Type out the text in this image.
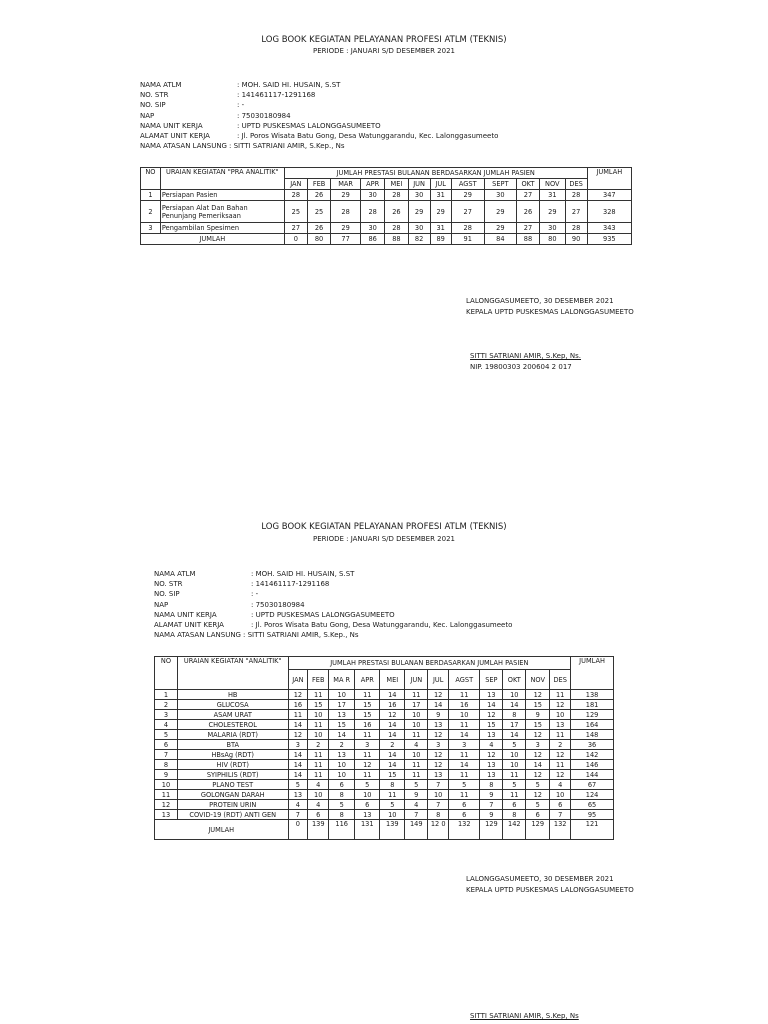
LOG BOOK KEGIATAN PELAYANAN PROFESI ATLM (TEKNIS)
PERIODE : JANUARI S/D DESEMBER 2021
NAMA ATLM	: MOH. SAID HI. HUSAIN, S.ST
NO. STR	: 141461117-1291168
NO. SIP	: -
NAP	: 75030180984
NAMA UNIT KERJA	: UPTD PUSKESMAS LALONGGASUMEETO
ALAMAT UNIT KERJA	: Jl. Poros Wisata Batu Gong, Desa Watunggarandu, Kec. Lalonggasumeeto
NAMA ATASAN LANSUNG : SITTI SATRIANI AMIR, S.Kep., Ns
NO	URAIAN KEGIATAN "PRA ANALITIK"	JUMLAH PRESTASI BULANAN BERDASARKAN JUMLAH PASIEN												JUMLAH
		JAN	FEB	MAR	APR	MEI	JUN	JUL	AGST	SEPT	OKT	NOV	DES	
1	Persiapan Pasien	28	26	29	30	28	30	31	29	30	27	31	28	347
2	Persiapan Alat Dan Bahan Penunjang Pemeriksaan	25	25	28	28	26	29	29	27	29	26	29	27	328
3	Pengambilan Spesimen	27	26	29	30	28	30	31	28	29	27	30	28	343
JUMLAH		0	80	77	86	88	82	89	91	84	88	80	90	935
LALONGGASUMEETO, 30 DESEMBER 2021
KEPALA UPTD PUSKESMAS LALONGGASUMEETO
SITTI SATRIANI AMIR, S.Kep, Ns.
NIP. 19800303 200604 2 017
LOG BOOK KEGIATAN PELAYANAN PROFESI ATLM (TEKNIS)
PERIODE : JANUARI S/D DESEMBER 2021
NAMA ATLM	: MOH. SAID HI. HUSAIN, S.ST
NO. STR	: 141461117-1291168
NO. SIP	: -
NAP	: 75030180984
NAMA UNIT KERJA	: UPTD PUSKESMAS LALONGGASUMEETO
ALAMAT UNIT KERJA	: Jl. Poros Wisata Batu Gong, Desa Watunggarandu, Kec. Lalonggasumeeto
NAMA ATASAN LANSUNG : SITTI SATRIANI AMIR, S.Kep., Ns
NO	URAIAN KEGIATAN "ANALITIK"	JUMLAH PRESTASI BULANAN BERDASARKAN JUMLAH PASIEN												JUMLAH
		JAN	FEB	MA R	APR	MEI	JUN	JUL	AGST	SEP	OKT	NOV	DES	
1	HB	12	11	10	11	14	11	12	11	13	10	12	11	138
2	GLUCOSA	16	15	17	15	16	17	14	16	14	14	15	12	181
3	ASAM URAT	11	10	13	15	12	10	9	10	12	8	9	10	129
4	CHOLESTEROL	14	11	15	16	14	10	13	11	15	17	15	13	164
5	MALARIA (RDT)	12	10	14	11	14	11	12	14	13	14	12	11	148
6	BTA	3	2	2	3	2	4	3	3	4	5	3	2	36
7	HBsAg (RDT)	14	11	13	11	14	10	12	11	12	10	12	12	142
8	HIV (RDT)	14	11	10	12	14	11	12	14	13	10	14	11	146
9	SYIPHILIS (RDT)	14	11	10	11	15	11	13	11	13	11	12	12	144
10	PLANO TEST	5	4	6	5	8	5	7	5	8	5	5	4	67
11	GOLONGAN DARAH	13	10	8	10	11	9	10	11	9	11	12	10	124
12	PROTEIN URIN	4	4	5	6	5	4	7	6	7	6	5	6	65
13	COVID-19 (RDT) ANTI GEN	7	6	8	13	10	7	8	6	9	8	6	7	95
JUMLAH		0	139	116	131	139	149	12 0	132	129	142	129	132	121
LALONGGASUMEETO, 30 DESEMBER 2021
KEPALA UPTD PUSKESMAS LALONGGASUMEETO
SITTI SATRIANI AMIR, S.Kep, Ns
